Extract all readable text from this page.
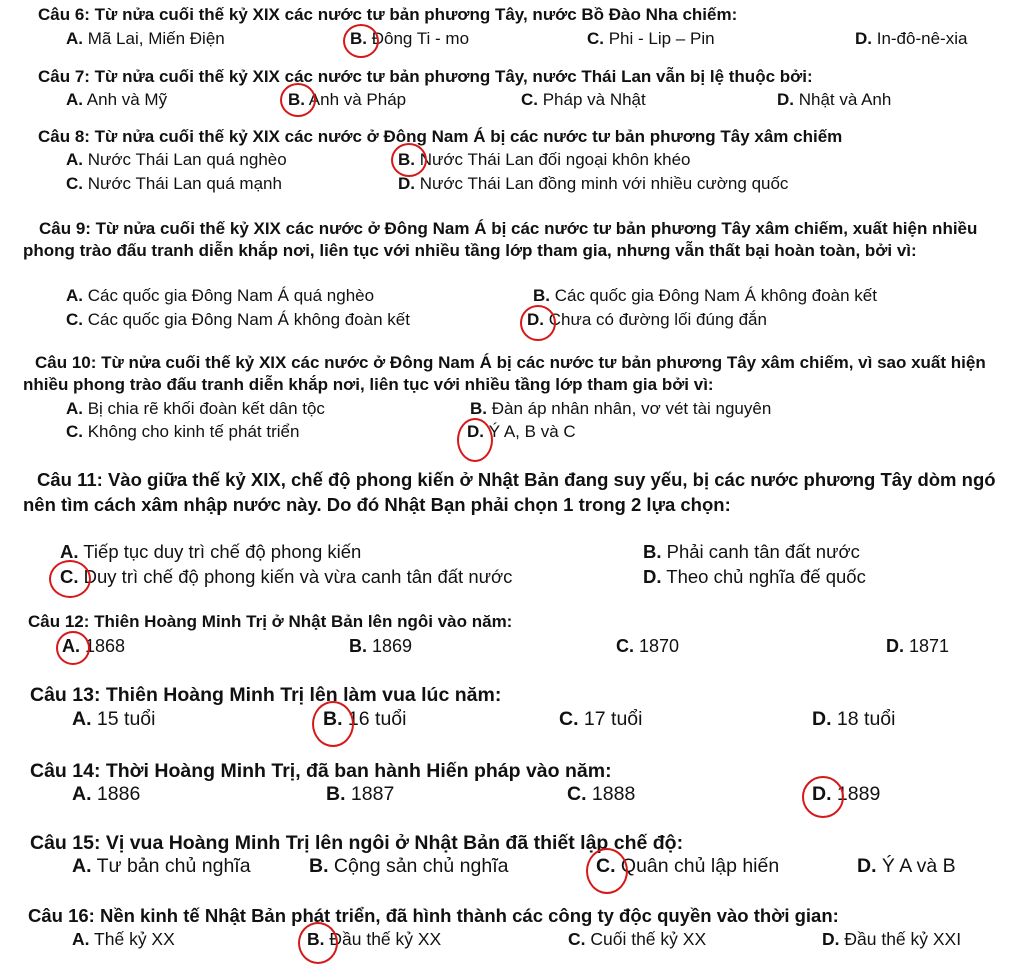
Câu 6: Từ nửa cuối thế kỷ XIX các nước tư bản phương Tây, nước Bồ Đào Nha chiếm:
A. Mã Lai, Miến Điện	B. Đông Ti - mo	C. Phi - Lip – Pin	D. In-đô-nê-xia
Câu 7: Từ nửa cuối thế kỷ XIX các nước tư bản phương Tây, nước Thái Lan vẫn bị lệ thuộc bởi:
A. Anh và Mỹ	B. Anh và Pháp	C. Pháp và Nhật	D. Nhật và Anh
Câu 8: Từ nửa cuối thế kỷ XIX các nước ở Đông Nam Á bị các nước tư bản phương Tây xâm chiếm
A. Nước Thái Lan quá nghèo	B. Nước Thái Lan đối ngoại khôn khéo
C. Nước Thái Lan quá mạnh	D. Nước Thái Lan đồng minh với nhiều cường quốc
Câu 9: Từ nửa cuối thế kỷ XIX các nước ở Đông Nam Á bị các nước tư bản phương Tây xâm chiếm, xuất hiện nhiều phong trào đấu tranh diễn khắp nơi, liên tục với nhiều tầng lớp tham gia, nhưng vẫn thất bại hoàn toàn, bởi vì:
A. Các quốc gia Đông Nam Á quá nghèo	B. Các quốc gia Đông Nam Á không đoàn kết
C. Các quốc gia Đông Nam Á không đoàn kết	D. Chưa có đường lối đúng đắn
Câu 10: Từ nửa cuối thế kỷ XIX các nước ở Đông Nam Á bị các nước tư bản phương Tây xâm chiếm, vì sao xuất hiện nhiều phong trào đấu tranh diễn khắp nơi, liên tục với nhiều tầng lớp tham gia bởi vì:
A. Bị chia rẽ khối đoàn kết dân tộc	B. Đàn áp nhân nhân, vơ vét tài nguyên
C. Không cho kinh tế phát triển	D. Ý A, B và C
Câu 11: Vào giữa thế kỷ XIX, chế độ phong kiến ở Nhật Bản đang suy yếu, bị các nước phương Tây dòm ngó nên tìm cách xâm nhập nước này. Do đó Nhật Bạn phải chọn 1 trong 2 lựa chọn:
A. Tiếp tục duy trì chế độ phong kiến	B. Phải canh tân đất nước
C. Duy trì chế độ phong kiến và vừa canh tân đất nước	D. Theo chủ nghĩa đế quốc
Câu 12: Thiên Hoàng Minh Trị ở Nhật Bản lên ngôi vào năm:
A. 1868	B. 1869	C. 1870	D. 1871
Câu 13: Thiên Hoàng Minh Trị lên làm vua lúc năm:
A. 15 tuổi	B. 16 tuổi	C. 17 tuổi	D. 18 tuổi
Câu 14: Thời Hoàng Minh Trị, đã ban hành Hiến pháp vào năm:
A. 1886	B. 1887	C. 1888	D. 1889
Câu 15: Vị vua Hoàng Minh Trị lên ngôi ở Nhật Bản đã thiết lập chế độ:
A. Tư bản chủ nghĩa	B. Cộng sản chủ nghĩa	C. Quân chủ lập hiến	D. Ý A và B
Câu 16: Nền kinh tế Nhật Bản phát triển, đã hình thành các công ty độc quyền vào thời gian:
A. Thế kỷ XX	B. Đầu thế kỷ XX	C. Cuối thế kỷ XX	D. Đầu thế kỷ XXI
